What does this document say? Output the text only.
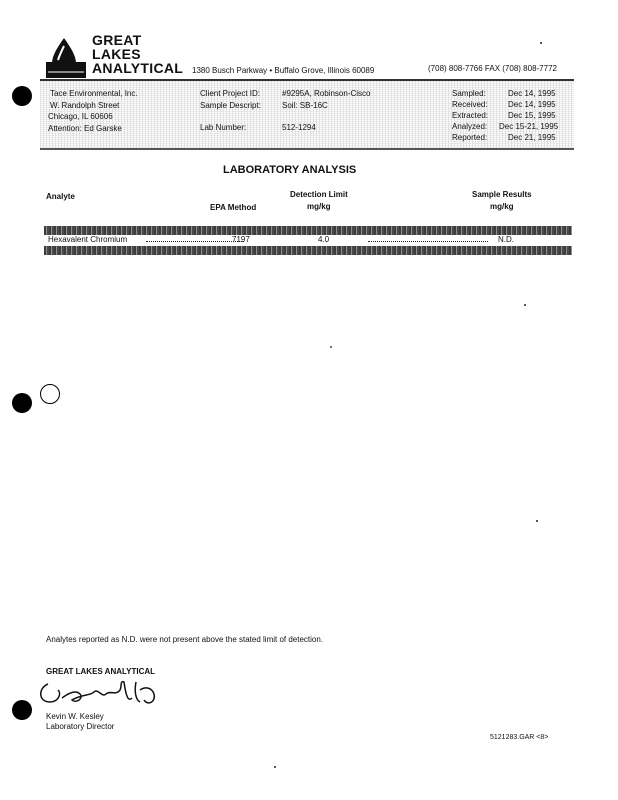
GREAT
LAKES
ANALYTICAL 1380 Busch Parkway • Buffalo Grove, Illinois 60089	(708) 808-7766 FAX (708) 808-7772
Tace Environmental, Inc.
W. Randolph Street
Chicago, IL 60606
Attention: Ed Garske
Client Project ID:	#9295A, Robinson-Cisco
Sample Descript:	Soil: SB-16C
Lab Number:	512-1294
Sampled:	Dec 14, 1995
Received:	Dec 14, 1995
Extracted: Dec 15, 1995
Analyzed: Dec 15-21, 1995
Reported:	Dec 21, 1995
LABORATORY ANALYSIS
Analyte
EPA Method
Detection Limit
mg/kg
Sample Results
mg/kg
Hexavalent Chromium	7197	4.0	N.D.
Analytes reported as N.D. were not present above the stated limit of detection.
GREAT LAKES ANALYTICAL
Kevin W. Kesley
Laboratory Director
5121283.GAR <8>
